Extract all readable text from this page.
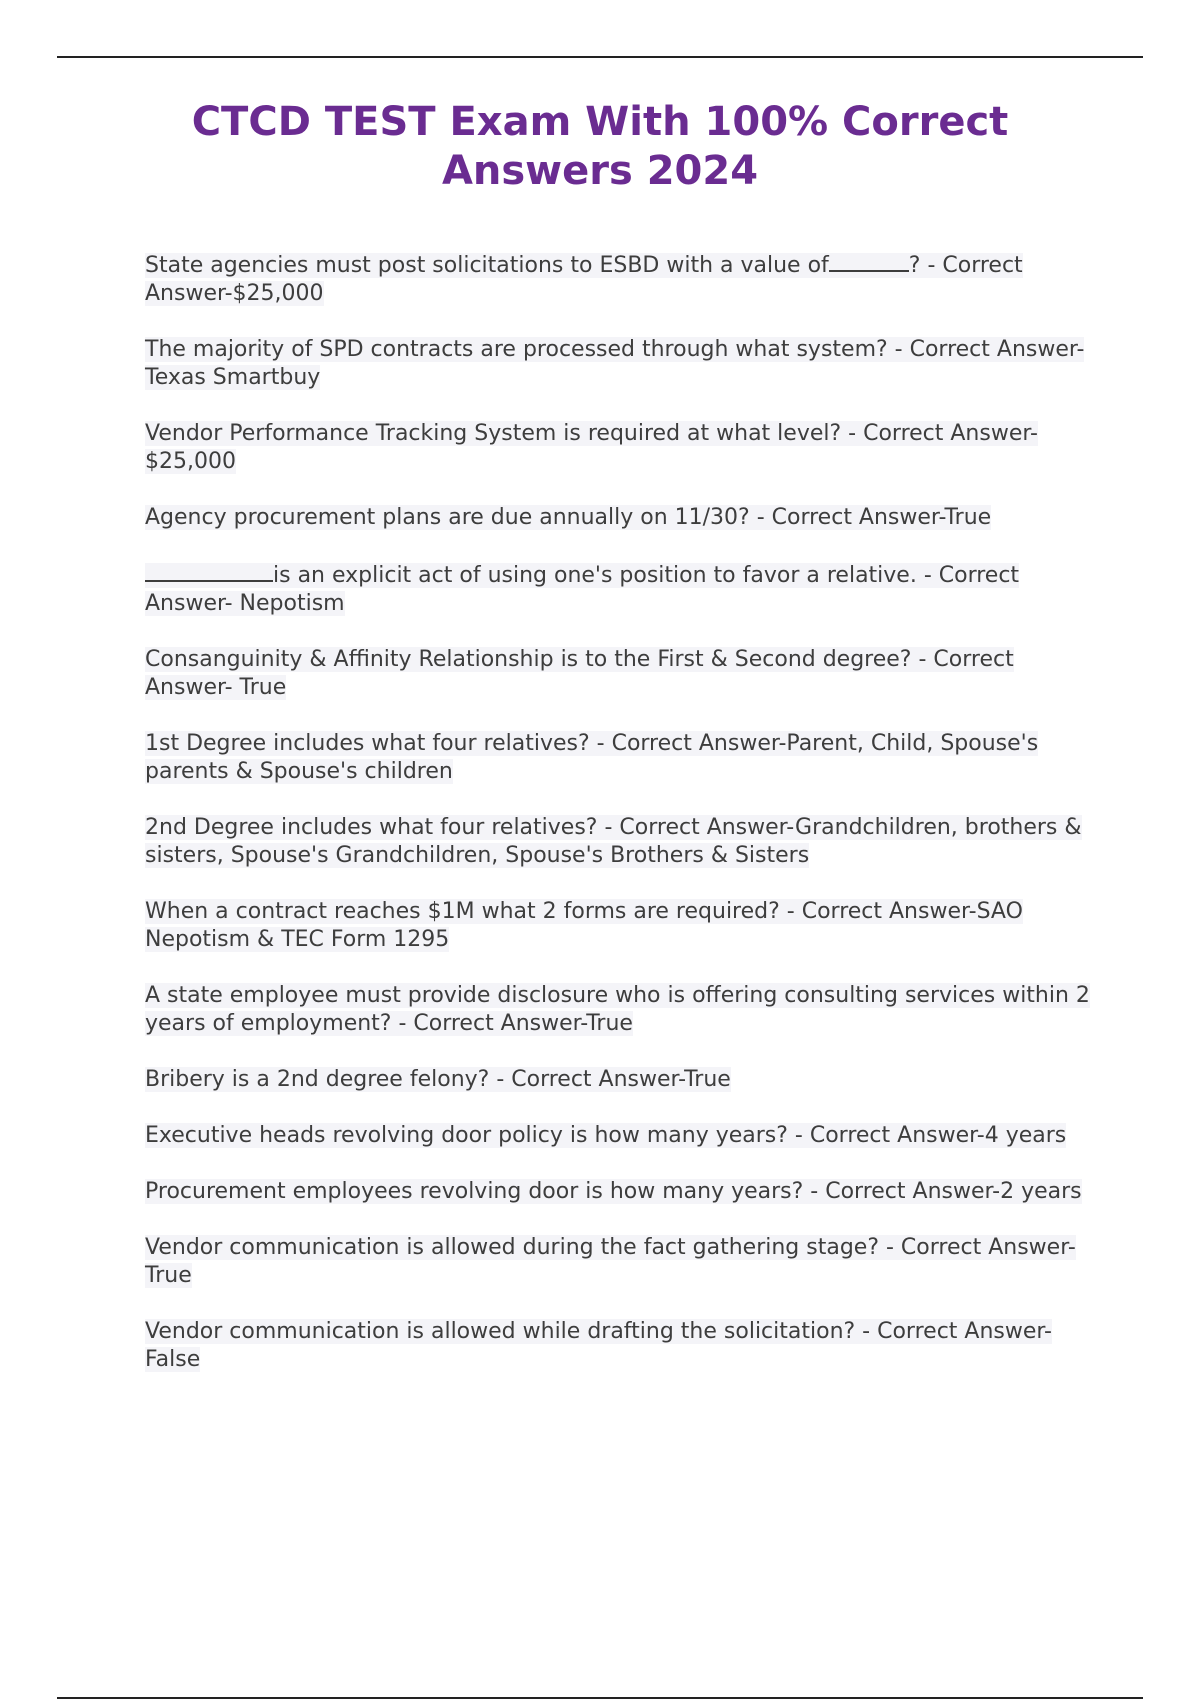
CTCD TEST Exam With 100% Correct Answers 2024

State agencies must post solicitations to ESBD with a value of	? - Correct Answer-$25,000

The majority of SPD contracts are processed through what system? - Correct Answer- Texas Smartbuy

Vendor Performance Tracking System is required at what level? - Correct Answer-
$25,000

Agency procurement plans are due annually on 11/30? - Correct Answer-True

is an explicit act of using one's position to favor a relative. - Correct Answer- Nepotism

Consanguinity & Affinity Relationship is to the First & Second degree? - Correct Answer- True

1st Degree includes what four relatives? - Correct Answer-Parent, Child, Spouse's parents & Spouse's children

2nd Degree includes what four relatives? - Correct Answer-Grandchildren, brothers & sisters, Spouse's Grandchildren, Spouse's Brothers & Sisters

When a contract reaches $1M what 2 forms are required? - Correct Answer-SAO Nepotism & TEC Form 1295

A state employee must provide disclosure who is offering consulting services within 2 years of employment? - Correct Answer-True

Bribery is a 2nd degree felony? - Correct Answer-True

Executive heads revolving door policy is how many years? - Correct Answer-4 years

Procurement employees revolving door is how many years? - Correct Answer-2 years

Vendor communication is allowed during the fact gathering stage? - Correct Answer- True

Vendor communication is allowed while drafting the solicitation? - Correct Answer-False
